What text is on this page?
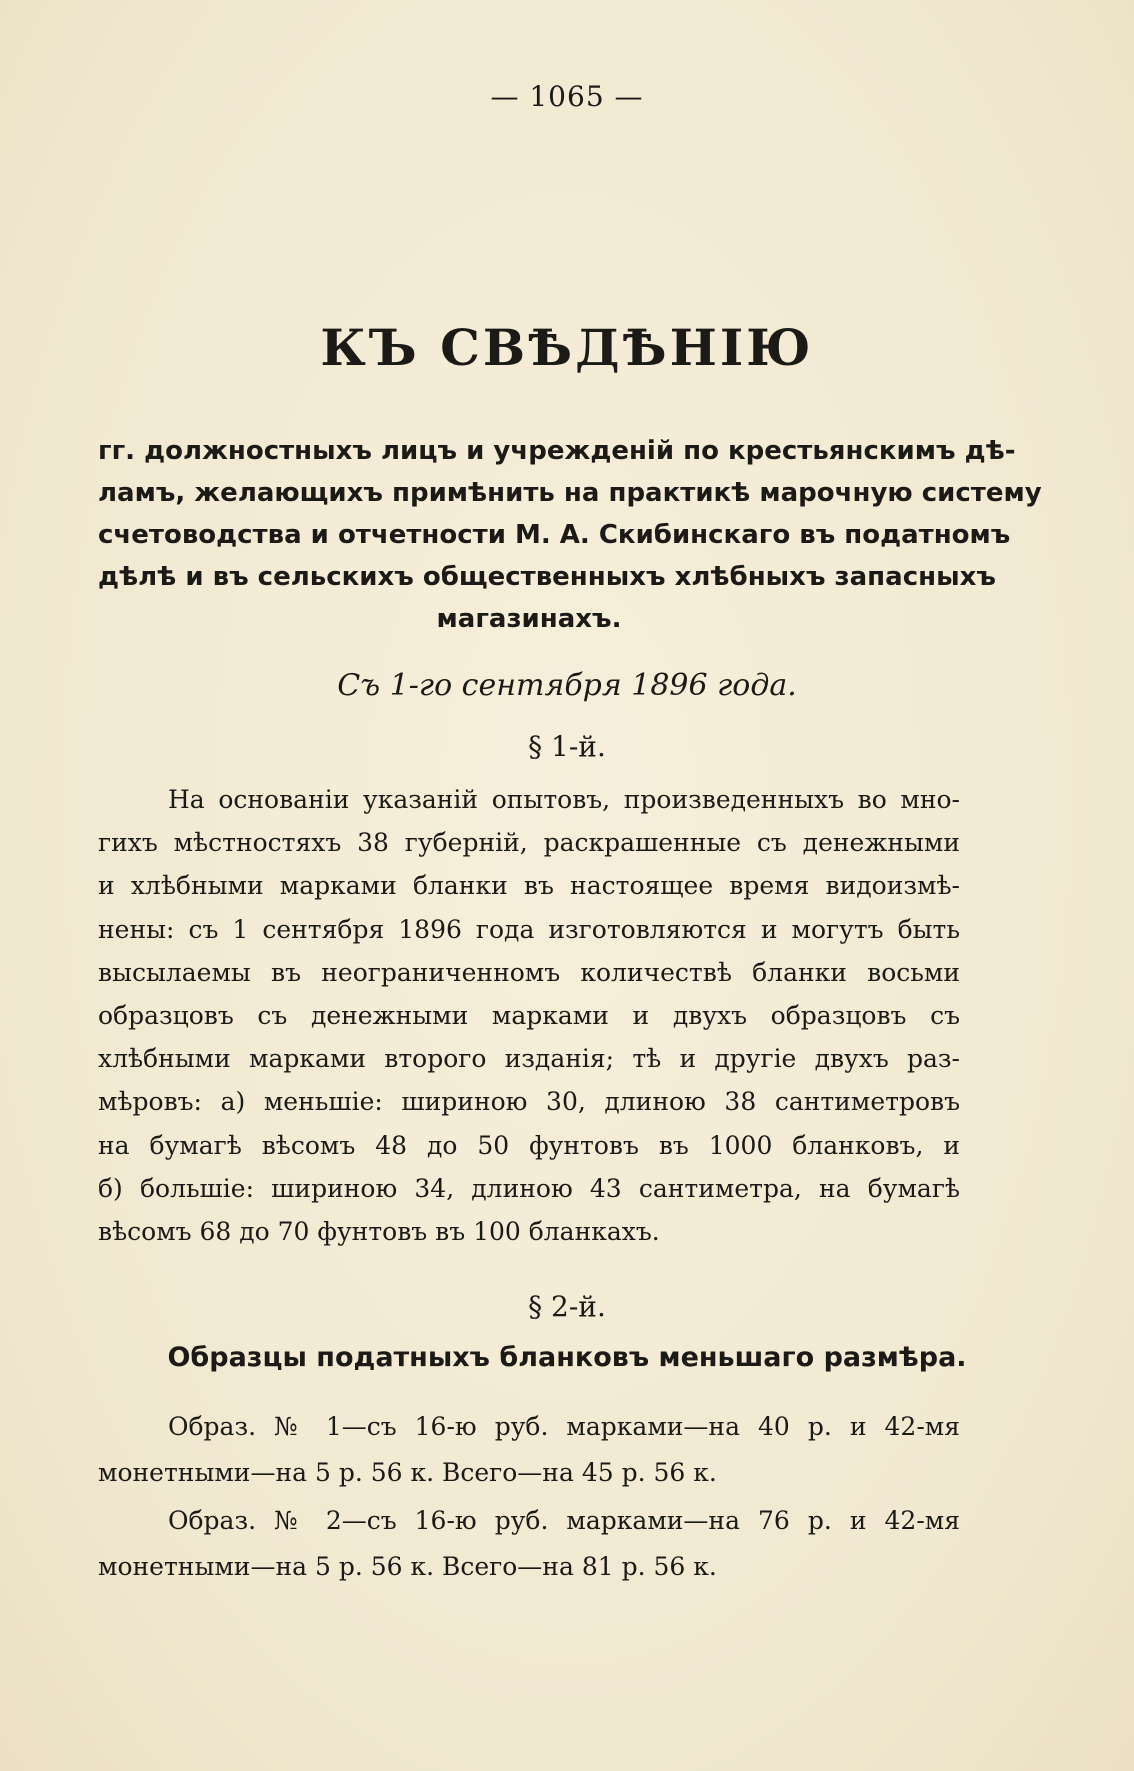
— 1065 —
КЪ СВѢДѢНІЮ
гг. должностныхъ лицъ и учрежденій по крестьянскимъ дѣ-
ламъ, желающихъ примѣнить на практикѣ марочную систему
счетоводства и отчетности М. А. Скибинскаго въ податномъ
дѣлѣ и въ сельскихъ общественныхъ хлѣбныхъ запасныхъ
магазинахъ.
Съ 1-го сентября 1896 года.
§ 1-й.
На основаніи указаній опытовъ, произведенныхъ во мно-
гихъ мѣстностяхъ 38 губерній, раскрашенные съ денежными
и хлѣбными марками бланки въ настоящее время видоизмѣ-
нены: съ 1 сентября 1896 года изготовляются и могутъ быть
высылаемы въ неограниченномъ количествѣ бланки восьми
образцовъ съ денежными марками и двухъ образцовъ съ
хлѣбными марками второго изданія; тѣ и другіе двухъ раз-
мѣровъ: а) меньшіе: шириною 30, длиною 38 сантиметровъ
на бумагѣ вѣсомъ 48 до 50 фунтовъ въ 1000 бланковъ, и
б) большіе: шириною 34, длиною 43 сантиметра, на бумагѣ
вѣсомъ 68 до 70 фунтовъ въ 100 бланкахъ.
§ 2-й.
Образцы податныхъ бланковъ меньшаго размѣра.
Образ. № 1—съ 16-ю руб. марками—на 40 р. и 42-мя
монетными—на 5 р. 56 к. Всего—на 45 р. 56 к.
Образ. № 2—съ 16-ю руб. марками—на 76 р. и 42-мя
монетными—на 5 р. 56 к. Всего—на 81 р. 56 к.
